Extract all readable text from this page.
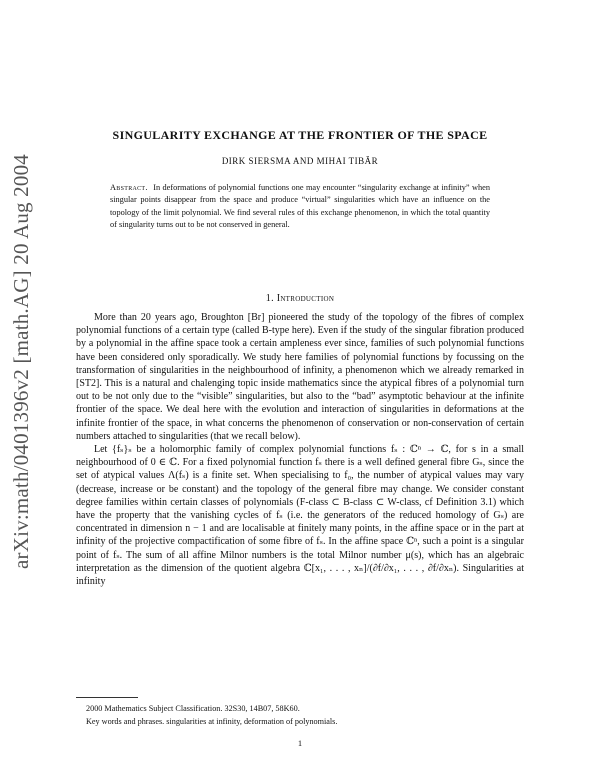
arXiv:math/0401396v2 [math.AG] 20 Aug 2004
SINGULARITY EXCHANGE AT THE FRONTIER OF THE SPACE
DIRK SIERSMA AND MIHAI TIBĂR
Abstract. In deformations of polynomial functions one may encounter “singularity exchange at infinity” when singular points disappear from the space and produce “virtual” singularities which have an influence on the topology of the limit polynomial. We find several rules of this exchange phenomenon, in which the total quantity of singularity turns out to be not conserved in general.
1. Introduction

More than 20 years ago, Broughton [Br] pioneered the study of the topology of the fibres of complex polynomial functions of a certain type (called B-type here). Even if the study of the singular fibration produced by a polynomial in the affine space took a certain ampleness ever since, families of such polynomial functions have been considered only sporadically. We study here families of polynomial functions by focussing on the transformation of singularities in the neighbourhood of infinity, a phenomenon which we already remarked in [ST2]. This is a natural and chalenging topic inside mathematics since the atypical fibres of a polynomial turn out to be not only due to the “visible” singularities, but also to the “bad” asymptotic behaviour at the infinite frontier of the space. We deal here with the evolution and interaction of singularities in deformations at the infinite frontier of the space, in what concerns the phenomenon of conservation or non-conservation of certain numbers attached to singularities (that we recall below).

Let {fₛ}ₛ be a holomorphic family of complex polynomial functions fₛ : ℂⁿ → ℂ, for s in a small neighbourhood of 0 ∈ ℂ. For a fixed polynomial function fₛ there is a well defined general fibre Gₛ, since the set of atypical values Λ(fₛ) is a finite set. When specialising to f₀, the number of atypical values may vary (decrease, increase or be constant) and the topology of the general fibre may change. We consider constant degree families within certain classes of polynomials (F-class ⊂ B-class ⊂ W-class, cf Definition 3.1) which have the property that the vanishing cycles of fₛ (i.e. the generators of the reduced homology of Gₛ) are concentrated in dimension n − 1 and are localisable at finitely many points, in the affine space or in the part at infinity of the projective compactification of some fibre of fₛ. In the affine space ℂⁿ, such a point is a singular point of fₛ. The sum of all affine Milnor numbers is the total Milnor number μ(s), which has an algebraic interpretation as the dimension of the quotient algebra ℂ[x₁, . . . , xₙ]/(∂f/∂x₁, . . . , ∂f/∂xₙ). Singularities at infinity

2000 Mathematics Subject Classification. 32S30, 14B07, 58K60.
Key words and phrases. singularities at infinity, deformation of polynomials.
1
